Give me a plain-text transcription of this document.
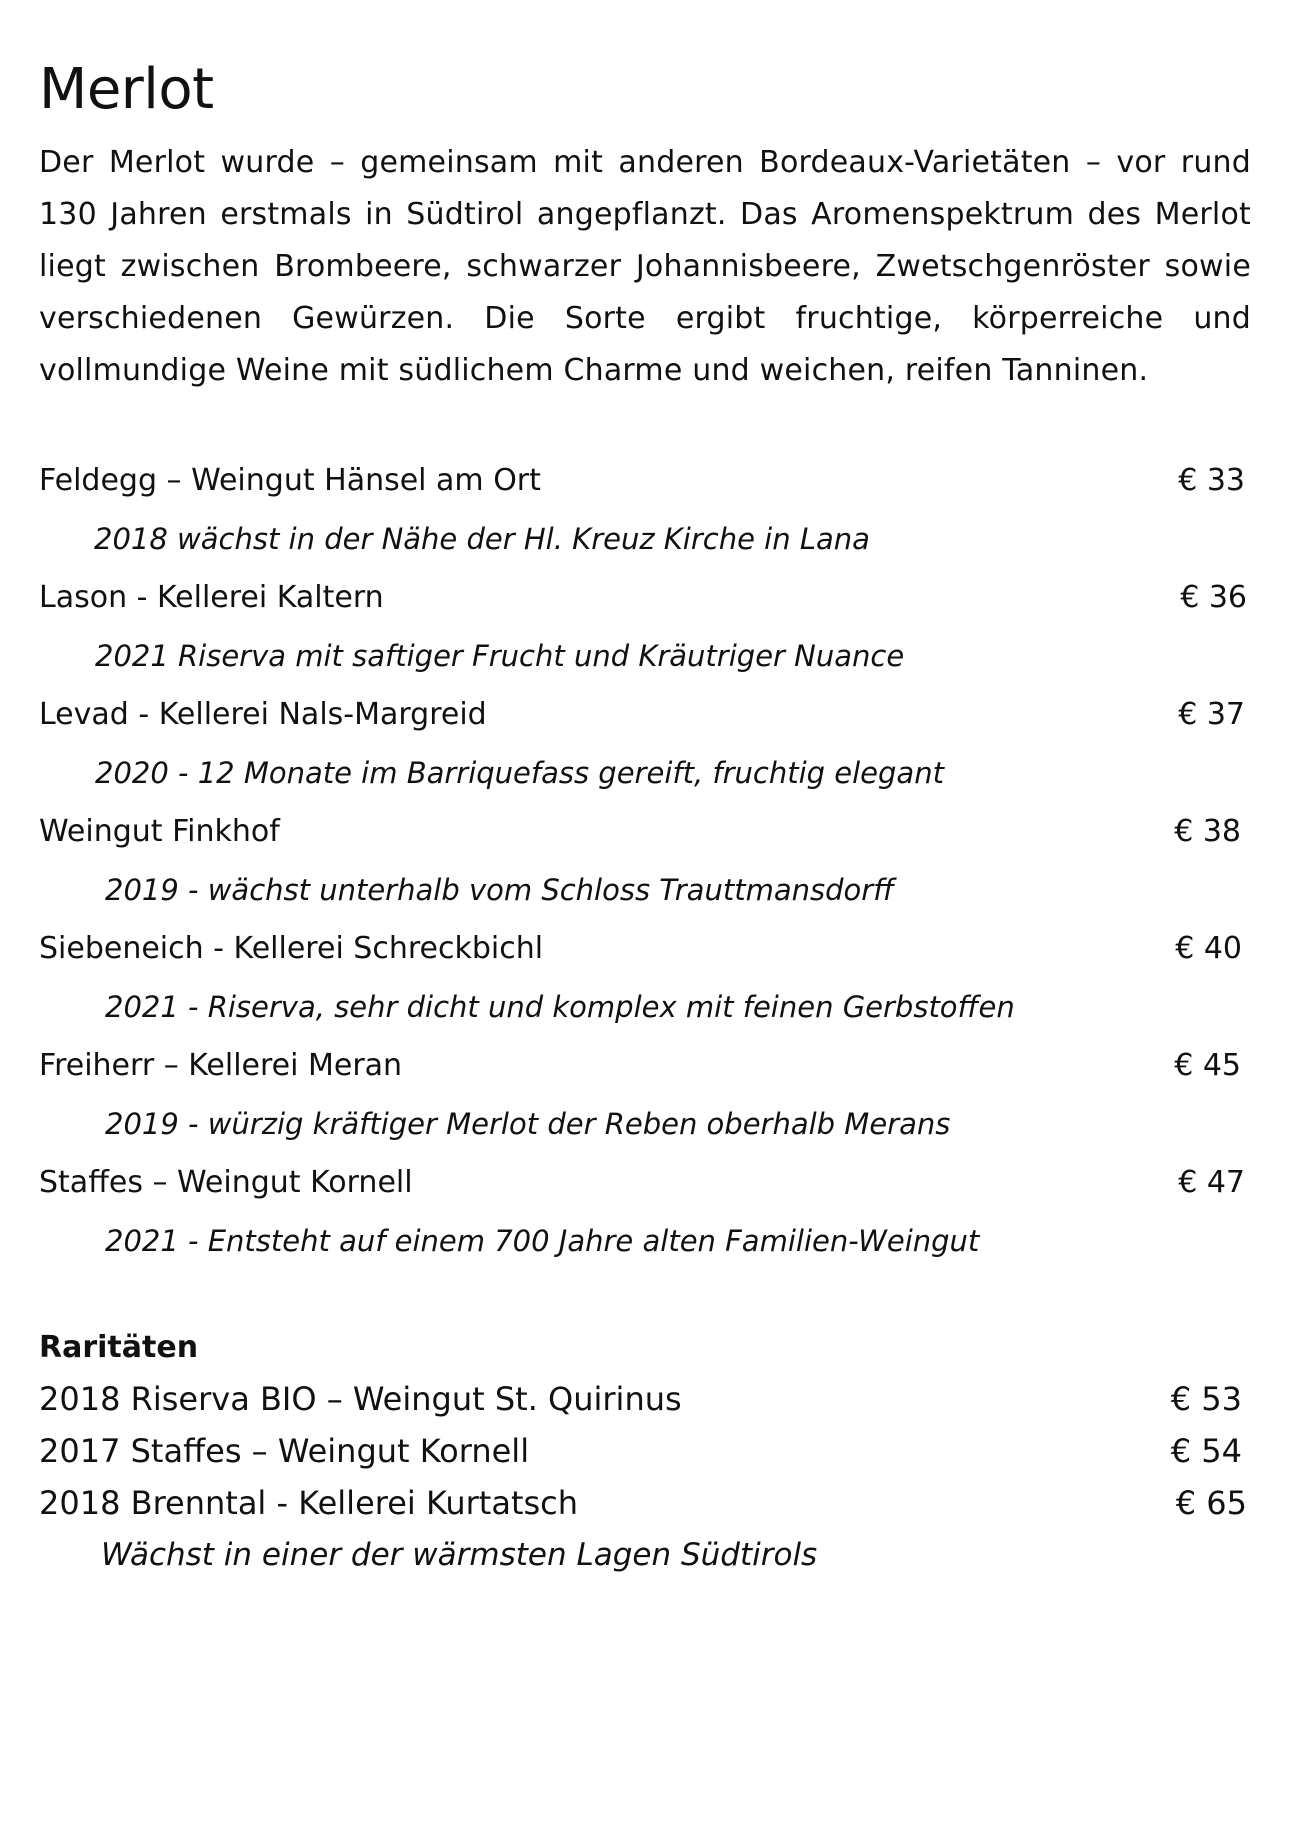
Merlot

Der Merlot wurde – gemeinsam mit anderen Bordeaux-Varietäten – vor rund 130 Jahren erstmals in Südtirol angepflanzt. Das Aromenspektrum des Merlot liegt zwischen Brombeere, schwarzer Johannisbeere, Zwetschgenröster sowie verschiedenen Gewürzen. Die Sorte ergibt fruchtige, körperreiche und vollmundige Weine mit südlichem Charme und weichen, reifen Tanninen.

Feldegg – Weingut Hänsel am Ort	€ 33
2018 wächst in der Nähe der Hl. Kreuz Kirche in Lana
Lason - Kellerei Kaltern	€ 36
2021 Riserva mit saftiger Frucht und Kräutriger Nuance
Levad - Kellerei Nals-Margreid	€ 37
2020 - 12 Monate im Barriquefass gereift, fruchtig elegant
Weingut Finkhof	€ 38
2019 - wächst unterhalb vom Schloss Trauttmansdorff
Siebeneich - Kellerei Schreckbichl	€ 40
2021 - Riserva, sehr dicht und komplex mit feinen Gerbstoffen
Freiherr – Kellerei Meran	€ 45
2019 - würzig kräftiger Merlot der Reben oberhalb Merans
Staffes – Weingut Kornell	€ 47
2021 - Entsteht auf einem 700 Jahre alten Familien-Weingut
Raritäten
2018 Riserva BIO – Weingut St. Quirinus	€ 53
2017 Staffes – Weingut Kornell	€ 54
2018 Brenntal - Kellerei Kurtatsch	€ 65
Wächst in einer der wärmsten Lagen Südtirols
